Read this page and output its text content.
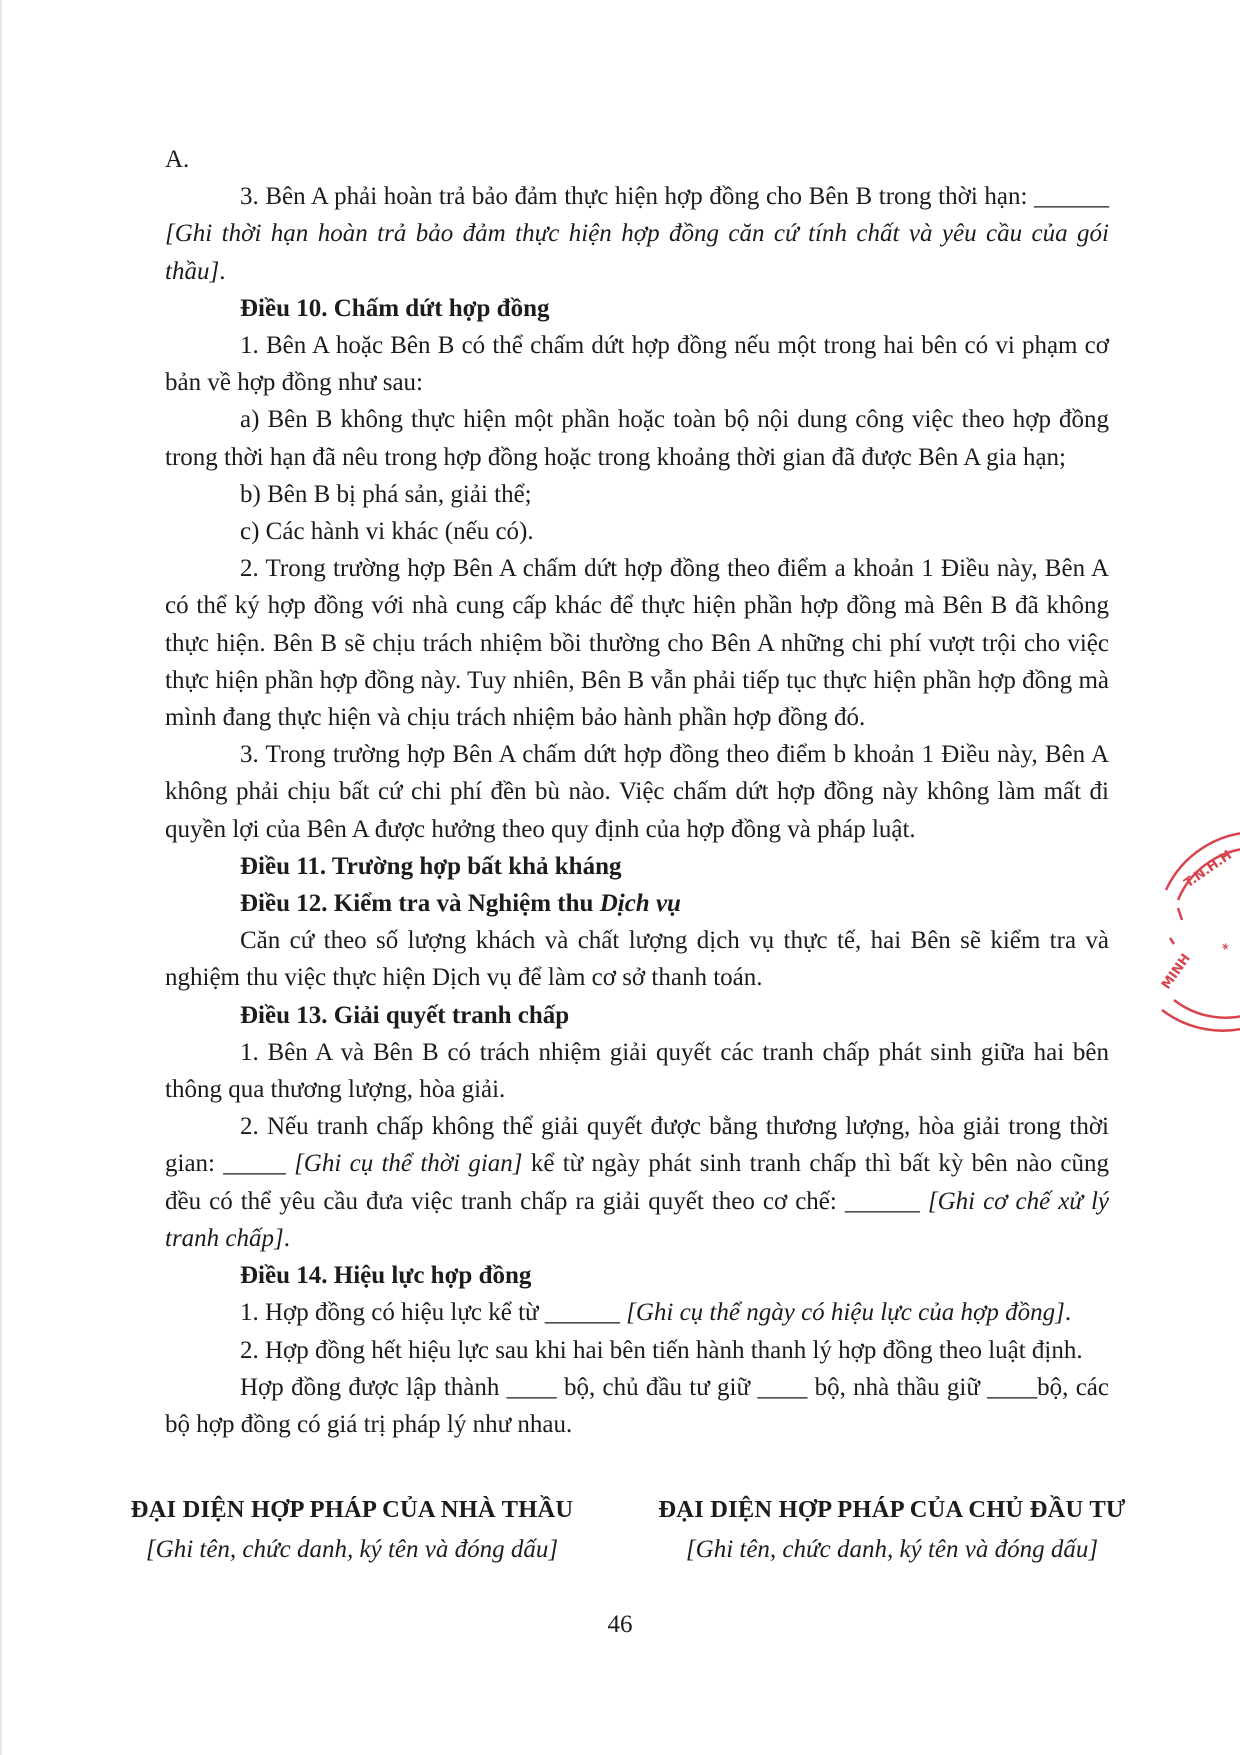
A.

3. Bên A phải hoàn trả bảo đảm thực hiện hợp đồng cho Bên B trong thời hạn: ______ [Ghi thời hạn hoàn trả bảo đảm thực hiện hợp đồng căn cứ tính chất và yêu cầu của gói thầu].

Điều 10. Chấm dứt hợp đồng

1. Bên A hoặc Bên B có thể chấm dứt hợp đồng nếu một trong hai bên có vi phạm cơ bản về hợp đồng như sau:

a) Bên B không thực hiện một phần hoặc toàn bộ nội dung công việc theo hợp đồng trong thời hạn đã nêu trong hợp đồng hoặc trong khoảng thời gian đã được Bên A gia hạn;

b) Bên B bị phá sản, giải thể;

c) Các hành vi khác (nếu có).

2. Trong trường hợp Bên A chấm dứt hợp đồng theo điểm a khoản 1 Điều này, Bên A có thể ký hợp đồng với nhà cung cấp khác để thực hiện phần hợp đồng mà Bên B đã không thực hiện. Bên B sẽ chịu trách nhiệm bồi thường cho Bên A những chi phí vượt trội cho việc thực hiện phần hợp đồng này. Tuy nhiên, Bên B vẫn phải tiếp tục thực hiện phần hợp đồng mà mình đang thực hiện và chịu trách nhiệm bảo hành phần hợp đồng đó.

3. Trong trường hợp Bên A chấm dứt hợp đồng theo điểm b khoản 1 Điều này, Bên A không phải chịu bất cứ chi phí đền bù nào. Việc chấm dứt hợp đồng này không làm mất đi quyền lợi của Bên A được hưởng theo quy định của hợp đồng và pháp luật.

Điều 11. Trường hợp bất khả kháng

Điều 12. Kiểm tra và Nghiệm thu Dịch vụ

Căn cứ theo số lượng khách và chất lượng dịch vụ thực tế, hai Bên sẽ kiểm tra và nghiệm thu việc thực hiện Dịch vụ để làm cơ sở thanh toán.

Điều 13. Giải quyết tranh chấp

1. Bên A và Bên B có trách nhiệm giải quyết các tranh chấp phát sinh giữa hai bên thông qua thương lượng, hòa giải.

2. Nếu tranh chấp không thể giải quyết được bằng thương lượng, hòa giải trong thời gian: _____ [Ghi cụ thể thời gian] kể từ ngày phát sinh tranh chấp thì bất kỳ bên nào cũng đều có thể yêu cầu đưa việc tranh chấp ra giải quyết theo cơ chế: ______ [Ghi cơ chế xử lý tranh chấp].

Điều 14. Hiệu lực hợp đồng

1. Hợp đồng có hiệu lực kể từ ______ [Ghi cụ thể ngày có hiệu lực của hợp đồng].

2. Hợp đồng hết hiệu lực sau khi hai bên tiến hành thanh lý hợp đồng theo luật định.

Hợp đồng được lập thành ____ bộ, chủ đầu tư giữ ____ bộ, nhà thầu giữ ____bộ, các bộ hợp đồng có giá trị pháp lý như nhau.

ĐẠI DIỆN HỢP PHÁP CỦA NHÀ THẦU
[Ghi tên, chức danh, ký tên và đóng dấu]
ĐẠI DIỆN HỢP PHÁP CỦA CHỦ ĐẦU TƯ
[Ghi tên, chức danh, ký tên và đóng dấu]
46
T.N.H.H
*
MINH
